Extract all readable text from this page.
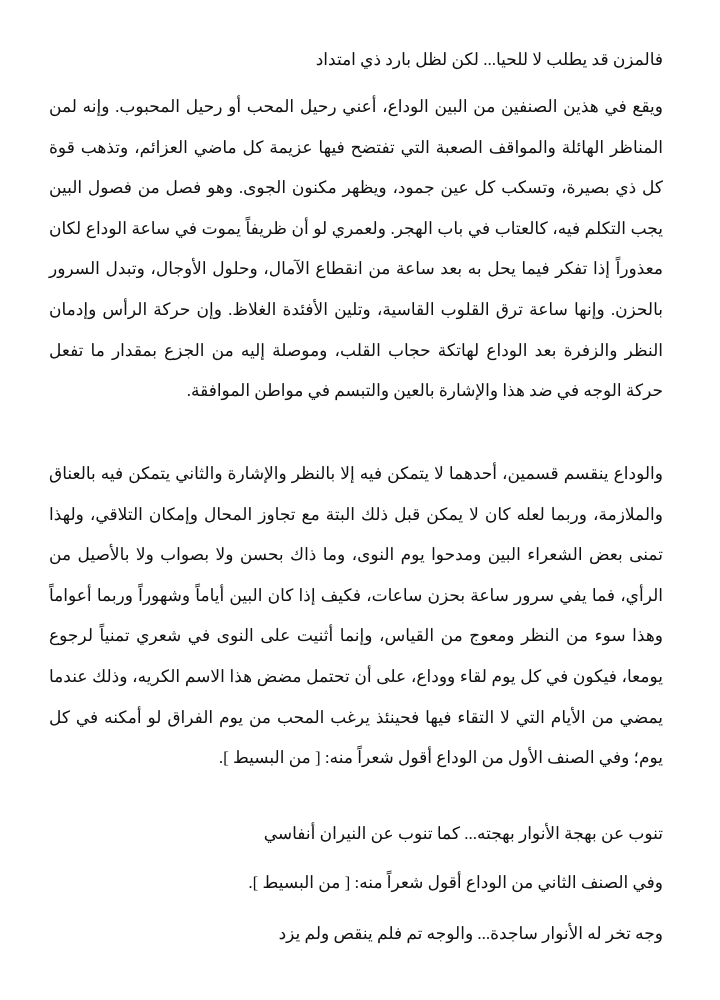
فالمزن قد يطلب لا للحيا... لكن لظل بارد ذي امتداد

ويقع في هذين الصنفين من البين الوداع، أعني رحيل المحب أو رحيل المحبوب. وإنه لمن المناظر الهائلة والمواقف الصعبة التي تفتضح فيها عزيمة كل ماضي العزائم، وتذهب قوة كل ذي بصيرة، وتسكب كل عين جمود، ويظهر مكنون الجوى. وهو فصل من فصول البين يجب التكلم فيه، كالعتاب في باب الهجر. ولعمري لو أن ظريفاً يموت في ساعة الوداع لكان معذوراً إذا تفكر فيما يحل به بعد ساعة من انقطاع الآمال، وحلول الأوجال، وتبدل السرور بالحزن. وإنها ساعة ترق القلوب القاسية، وتلين الأفئدة الغلاظ. وإن حركة الرأس وإدمان النظر والزفرة بعد الوداع لهاتكة حجاب القلب، وموصلة إليه من الجزع بمقدار ما تفعل حركة الوجه في ضد هذا والإشارة بالعين والتبسم في مواطن الموافقة.

والوداع ينقسم قسمين، أحدهما لا يتمكن فيه إلا بالنظر والإشارة والثاني يتمكن فيه بالعناق والملازمة، وربما لعله كان لا يمكن قبل ذلك البتة مع تجاوز المحال وإمكان التلاقي، ولهذا تمنى بعض الشعراء البين ومدحوا يوم النوى، وما ذاك بحسن ولا بصواب ولا بالأصيل من الرأي، فما يفي سرور ساعة بحزن ساعات، فكيف إذا كان البين أياماً وشهوراً وربما أعواماً وهذا سوء من النظر ومعوج من القياس، وإنما أثنيت على النوى في شعري تمنياً لرجوع يومعا، فيكون في كل يوم لقاء ووداع، على أن تحتمل مضض هذا الاسم الكريه، وذلك عندما يمضي من الأيام التي لا التقاء فيها فحينئذ يرغب المحب من يوم الفراق لو أمكنه في كل يوم؛ وفي الصنف الأول من الوداع أقول شعراً منه: [ من البسيط ].

تنوب عن بهجة الأنوار بهجته... كما تنوب عن النيران أنفاسي
وفي الصنف الثاني من الوداع أقول شعراً منه: [ من البسيط ].
وجه تخر له الأنوار ساجدة... والوجه تم فلم ينقص ولم يزد
